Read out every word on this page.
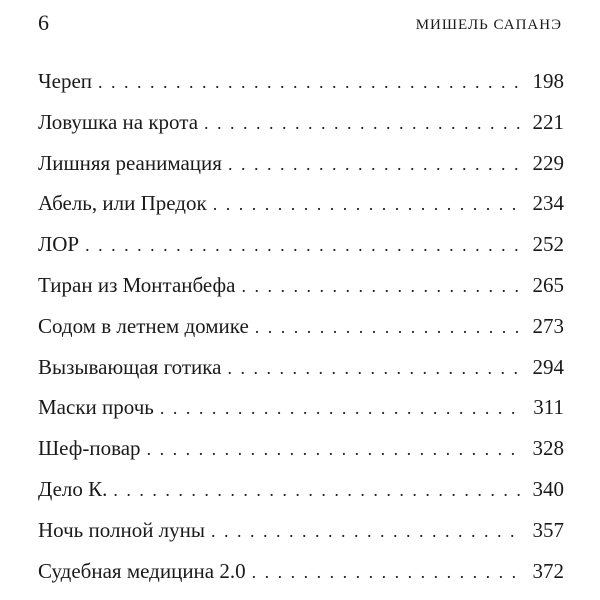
6	МИШЕЛЬ САПАНЭ
Череп . . .	198
Ловушка на крота . . .	221
Лишняя реанимация . . .	229
Абель, или Предок . . .	234
ЛОР . . .	252
Тиран из Монтанбефа . . .	265
Содом в летнем домике . . .	273
Вызывающая готика . . .	294
Маски прочь . . .	311
Шеф-повар . . .	328
Дело К. . . .	340
Ночь полной луны . . .	357
Судебная медицина 2.0 . . .	372
